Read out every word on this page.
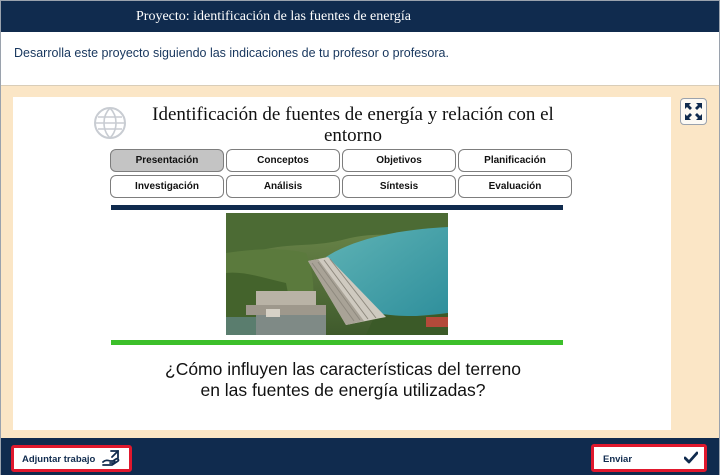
Proyecto: identificación de las fuentes de energía
Desarrolla este proyecto siguiendo las indicaciones de tu profesor o profesora.
Identificación de fuentes de energía y relación con el
entorno
Presentación	Conceptos	Objetivos	Planificación
Investigación	Análisis	Síntesis	Evaluación
¿Cómo influyen las características del terreno
en las fuentes de energía utilizadas?
Adjuntar trabajo	Enviar
